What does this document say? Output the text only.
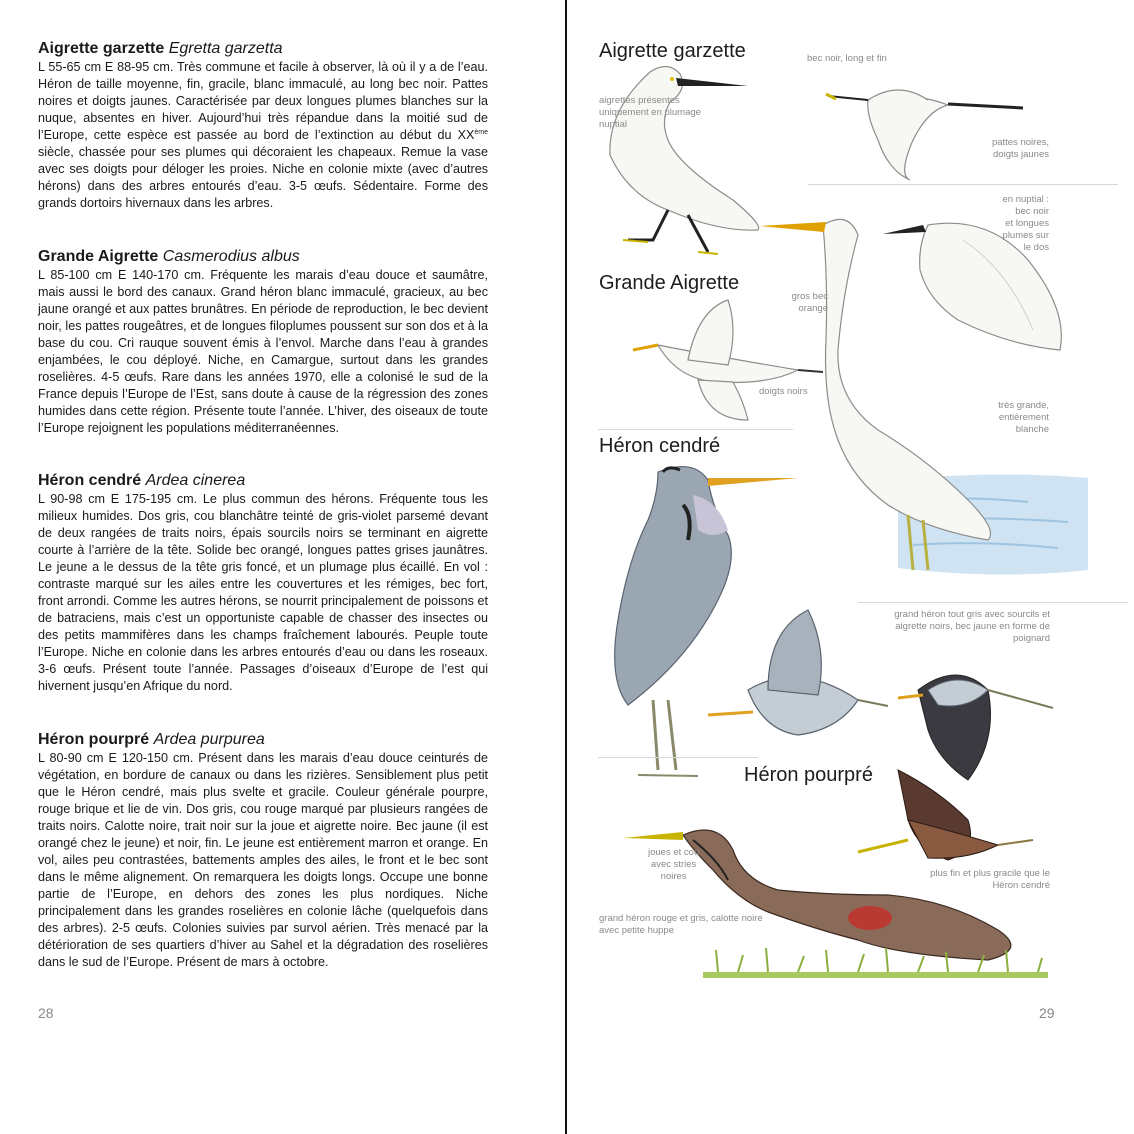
Aigrette garzette Egretta garzetta

L 55-65 cm E 88-95 cm. Très commune et facile à observer, là où il y a de l’eau. Héron de taille moyenne, fin, gracile, blanc immaculé, au long bec noir. Pattes noires et doigts jaunes. Caractérisée par deux longues plumes blanches sur la nuque, absentes en hiver. Aujourd’hui très répandue dans la moitié sud de l’Europe, cette espèce est passée au bord de l’extinction au début du XXème siècle, chassée pour ses plumes qui décoraient les chapeaux. Remue la vase avec ses doigts pour déloger les proies. Niche en colonie mixte (avec d’autres hérons) dans des arbres entourés d’eau. 3-5 œufs. Sédentaire. Forme des grands dortoirs hivernaux dans les arbres.

Grande Aigrette Casmerodius albus

L 85-100 cm E 140-170 cm. Fréquente les marais d’eau douce et saumâtre, mais aussi le bord des canaux. Grand héron blanc immaculé, gracieux, au bec jaune orangé et aux pattes brunâtres. En période de reproduction, le bec devient noir, les pattes rougeâtres, et de longues filoplumes poussent sur son dos et à la base du cou. Cri rauque souvent émis à l’envol. Marche dans l’eau à grandes enjambées, le cou déployé. Niche, en Camargue, surtout dans les grandes roselières. 4-5 œufs. Rare dans les années 1970, elle a colonisé le sud de la France depuis l’Europe de l’Est, sans doute à cause de la régression des zones humides dans cette région. Présente toute l’année. L’hiver, des oiseaux de toute l’Europe rejoignent les populations méditerranéennes.

Héron cendré Ardea cinerea

L 90-98 cm E 175-195 cm. Le plus commun des hérons. Fréquente tous les milieux humides. Dos gris, cou blanchâtre teinté de gris-violet parsemé devant de deux rangées de traits noirs, épais sourcils noirs se terminant en aigrette courte à l’arrière de la tête. Solide bec orangé, longues pattes grises jaunâtres. Le jeune a le dessus de la tête gris foncé, et un plumage plus écaillé. En vol : contraste marqué sur les ailes entre les couvertures et les rémiges, bec fort, front arrondi. Comme les autres hérons, se nourrit principalement de poissons et de batraciens, mais c’est un opportuniste capable de chasser des insectes ou des petits mammifères dans les champs fraîchement labourés. Peuple toute l’Europe. Niche en colonie dans les arbres entourés d’eau ou dans les roseaux. 3-6 œufs. Présent toute l’année. Passages d’oiseaux d’Europe de l’est qui hivernent jusqu’en Afrique du nord.

Héron pourpré Ardea purpurea

L 80-90 cm E 120-150 cm. Présent dans les marais d’eau douce ceinturés de végétation, en bordure de canaux ou dans les rizières. Sensiblement plus petit que le Héron cendré, mais plus svelte et gracile. Couleur générale pourpre, rouge brique et lie de vin. Dos gris, cou rouge marqué par plusieurs rangées de traits noirs. Calotte noire, trait noir sur la joue et aigrette noire. Bec jaune (il est orangé chez le jeune) et noir, fin. Le jeune est entièrement marron et orange. En vol, ailes peu contrastées, battements amples des ailes, le front et le bec sont dans le même alignement. On remarquera les doigts longs. Occupe une bonne partie de l’Europe, en dehors des zones les plus nordiques. Niche principalement dans les grandes roselières en colonie lâche (quelquefois dans des arbres). 2-5 œufs. Colonies suivies par survol aérien. Très menacé par la détérioration de ses quartiers d’hiver au Sahel et la dégradation des roselières dans le sud de l’Europe. Présent de mars à octobre.

28
Aigrette garzette
Grande Aigrette
Héron cendré
Héron pourpré
bec noir, long et fin
aigrettes présentes
uniquement en plumage
nuptial
pattes noires,
doigts jaunes
en nuptial :
bec noir
et longues
plumes sur
le dos
gros bec
orange
doigts noirs
très grande,
entièrement
blanche
grand héron tout gris avec sourcils et
aigrette noirs, bec jaune en forme de
poignard
joues et cou
avec stries
noires	plus fin et plus gracile que le
Héron cendré
grand héron rouge et gris, calotte noire
avec petite huppe
29
